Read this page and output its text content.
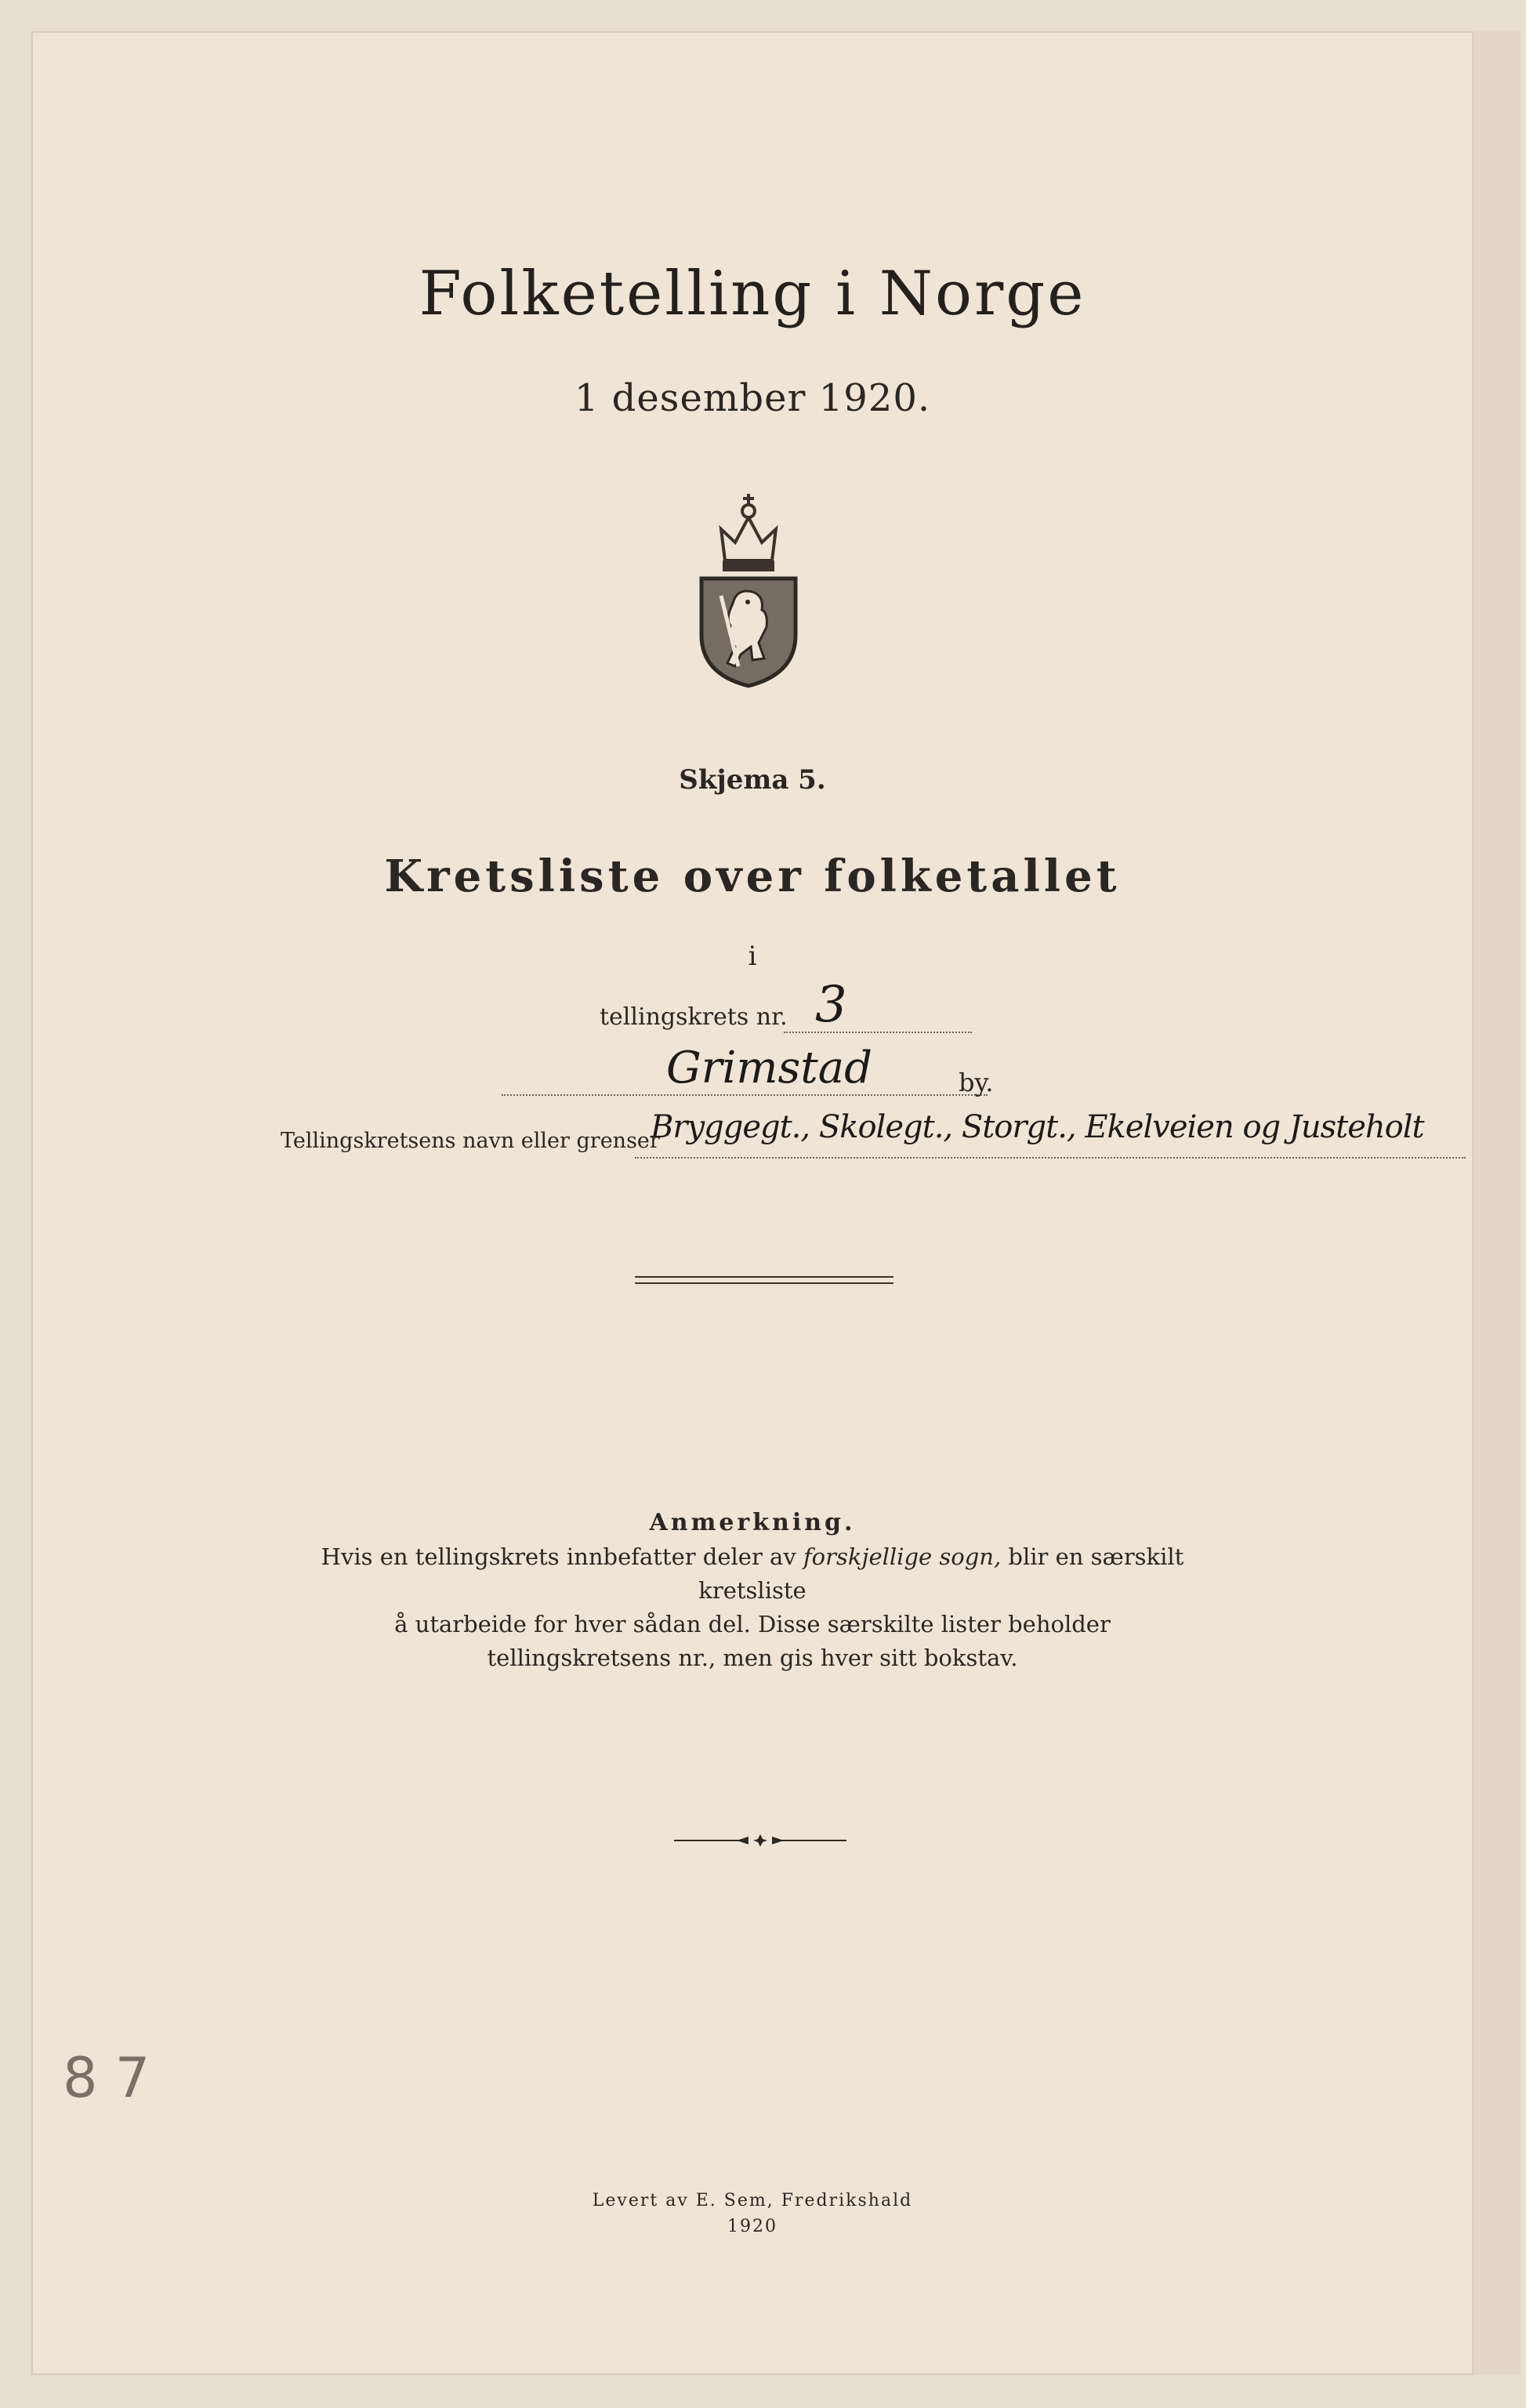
Folketelling i Norge
1 desember 1920.
Skjema 5.
Kretsliste over folketallet
i
tellingskrets nr. 3
Grimstad	by.
Tellingskretsens navn eller grenser
Bryggegt., Skolegt., Storgt., Ekelveien og Justeholt
Anmerkning.
Hvis en tellingskrets innbefatter deler av forskjellige sogn, blir en særskilt kretsliste
å utarbeide for hver sådan del. Disse særskilte lister beholder
tellingskretsens nr., men gis hver sitt bokstav.
Levert av E. Sem, Fredrikshald
1920
8 7
